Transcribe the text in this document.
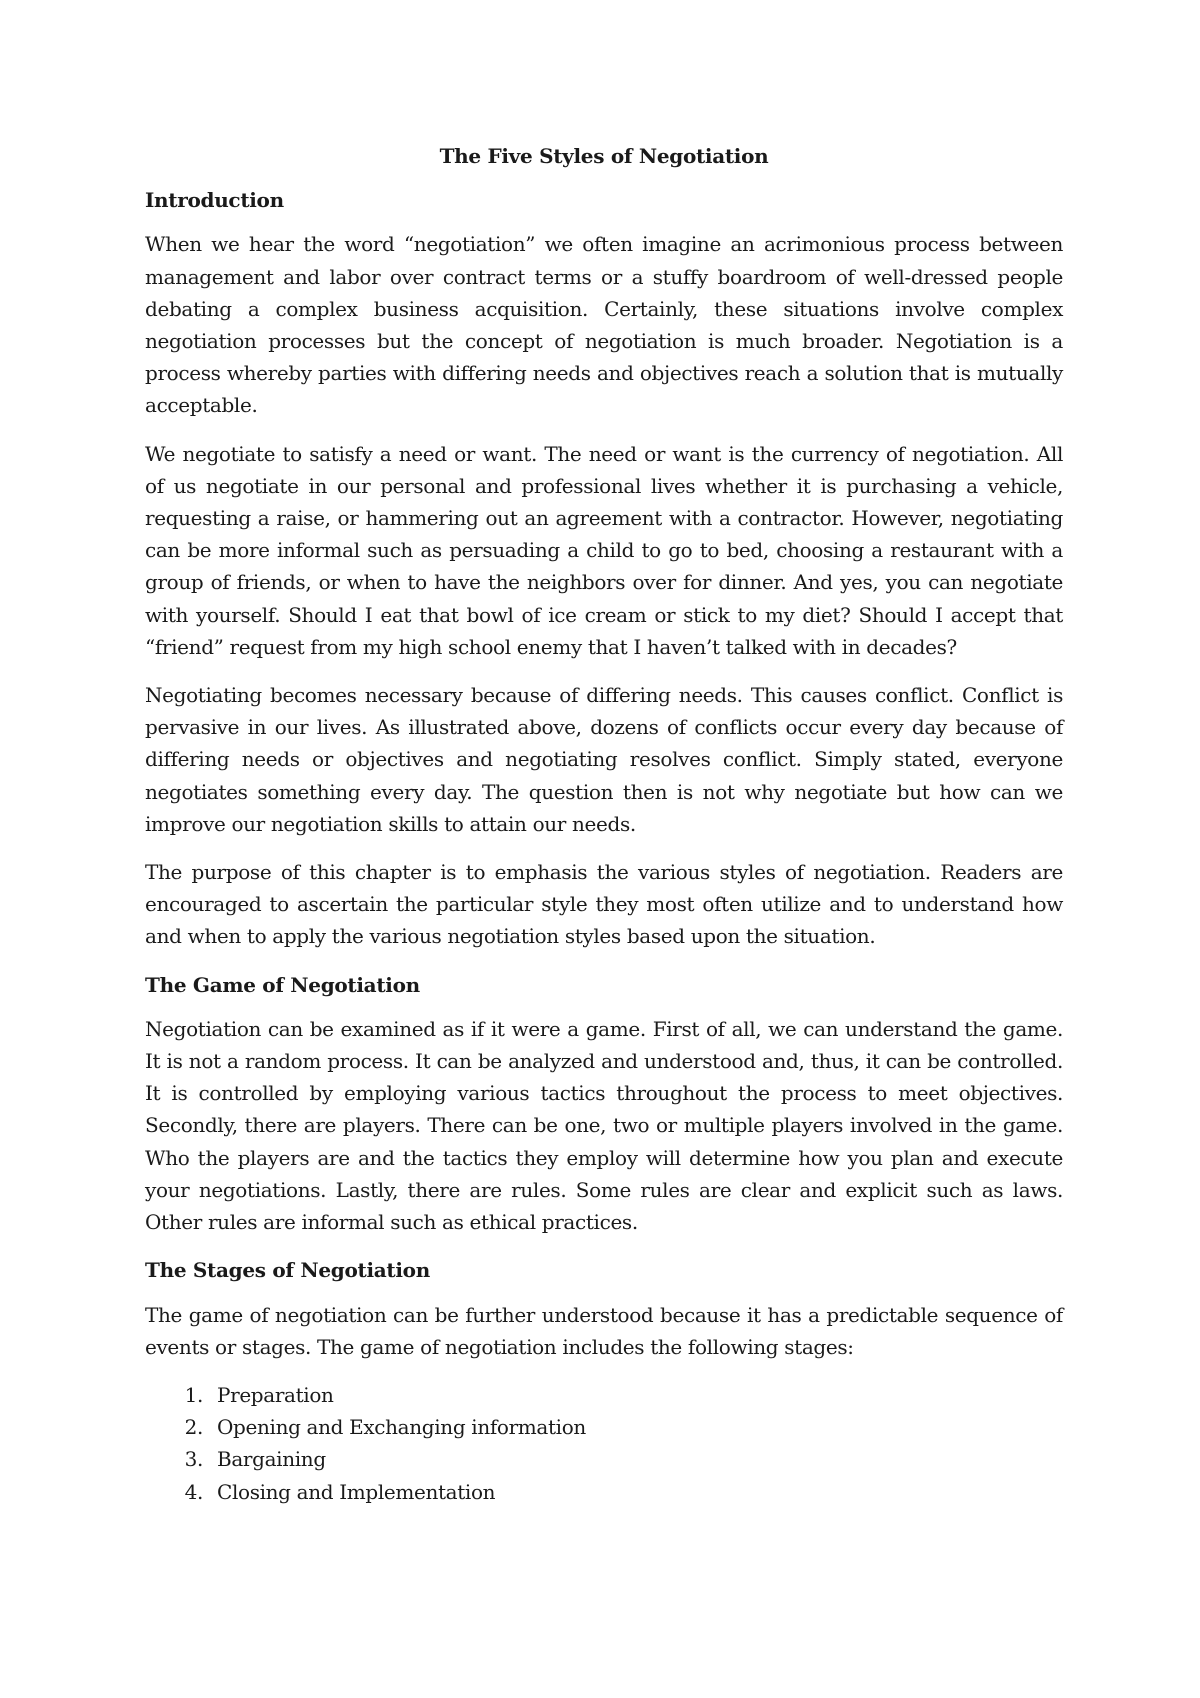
The Five Styles of Negotiation
Introduction

When we hear the word “negotiation” we often imagine an acrimonious process between management and labor over contract terms or a stuffy boardroom of well-dressed people debating a complex business acquisition. Certainly, these situations involve complex negotiation processes but the concept of negotiation is much broader. Negotiation is a process whereby parties with differing needs and objectives reach a solution that is mutually acceptable.

We negotiate to satisfy a need or want. The need or want is the currency of negotiation. All of us negotiate in our personal and professional lives whether it is purchasing a vehicle, requesting a raise, or hammering out an agreement with a contractor. However, negotiating can be more informal such as persuading a child to go to bed, choosing a restaurant with a group of friends, or when to have the neighbors over for dinner. And yes, you can negotiate with yourself. Should I eat that bowl of ice cream or stick to my diet? Should I accept that “friend” request from my high school enemy that I haven’t talked with in decades?

Negotiating becomes necessary because of differing needs. This causes conflict. Conflict is pervasive in our lives. As illustrated above, dozens of conflicts occur every day because of differing needs or objectives and negotiating resolves conflict. Simply stated, everyone negotiates something every day. The question then is not why negotiate but how can we improve our negotiation skills to attain our needs.

The purpose of this chapter is to emphasis the various styles of negotiation. Readers are encouraged to ascertain the particular style they most often utilize and to understand how and when to apply the various negotiation styles based upon the situation.

The Game of Negotiation

Negotiation can be examined as if it were a game. First of all, we can understand the game. It is not a random process. It can be analyzed and understood and, thus, it can be controlled. It is controlled by employing various tactics throughout the process to meet objectives. Secondly, there are players. There can be one, two or multiple players involved in the game. Who the players are and the tactics they employ will determine how you plan and execute your negotiations. Lastly, there are rules. Some rules are clear and explicit such as laws. Other rules are informal such as ethical practices.

The Stages of Negotiation

The game of negotiation can be further understood because it has a predictable sequence of events or stages. The game of negotiation includes the following stages:

1. Preparation
2. Opening and Exchanging information
3. Bargaining
4. Closing and Implementation
